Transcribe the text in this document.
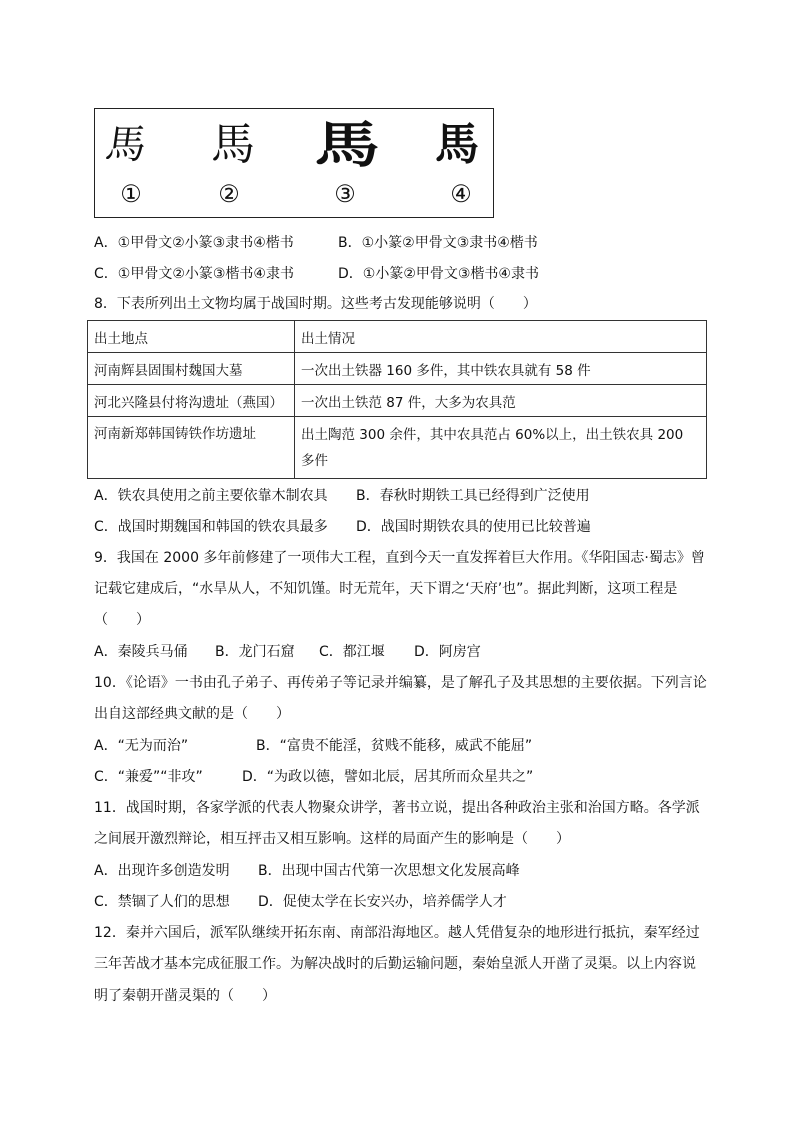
馬 馬 馬	馬
①	②	③	④
A．①甲骨文②小篆③隶书④楷书	B．①小篆②甲骨文③隶书④楷书
C．①甲骨文②小篆③楷书④隶书	D．①小篆②甲骨文③楷书④隶书
8．下表所列出土文物均属于战国时期。这些考古发现能够说明（　　）
出土地点	出土情况
河南辉县固围村魏国大墓	一次出土铁器 160 多件，其中铁农具就有 58 件
河北兴隆县付将沟遗址（燕国）	一次出土铁范 87 件，大多为农具范
河南新郑韩国铸铁作坊遗址	出土陶范 300 余件，其中农具范占 60%以上，出土铁农具 200 多件
A．铁农具使用之前主要依靠木制农具 B．春秋时期铁工具已经得到广泛使用
C．战国时期魏国和韩国的铁农具最多 D．战国时期铁农具的使用已比较普遍
9．我国在 2000 多年前修建了一项伟大工程，直到今天一直发挥着巨大作用。《华阳国志·蜀志》曾
记载它建成后，“水旱从人，不知饥馑。时无荒年，天下谓之‘天府’也”。据此判断，这项工程是
（　　）
A．秦陵兵马俑 B．龙门石窟 C．都江堰 D．阿房宫
10．《论语》一书由孔子弟子、再传弟子等记录并编纂，是了解孔子及其思想的主要依据。下列言论
出自这部经典文献的是（　　）
A．“无为而治”	B．“富贵不能淫，贫贱不能移，威武不能屈”
C．“兼爱”“非攻”	D．“为政以德，譬如北辰，居其所而众星共之”
11．战国时期，各家学派的代表人物聚众讲学，著书立说，提出各种政治主张和治国方略。各学派
之间展开激烈辩论，相互抨击又相互影响。这样的局面产生的影响是（　　）
A．出现许多创造发明 B．出现中国古代第一次思想文化发展高峰
C．禁锢了人们的思想 D．促使太学在长安兴办，培养儒学人才
12．秦并六国后，派军队继续开拓东南、南部沿海地区。越人凭借复杂的地形进行抵抗，秦军经过
三年苦战才基本完成征服工作。为解决战时的后勤运输问题，秦始皇派人开凿了灵渠。以上内容说
明了秦朝开凿灵渠的（　　）
